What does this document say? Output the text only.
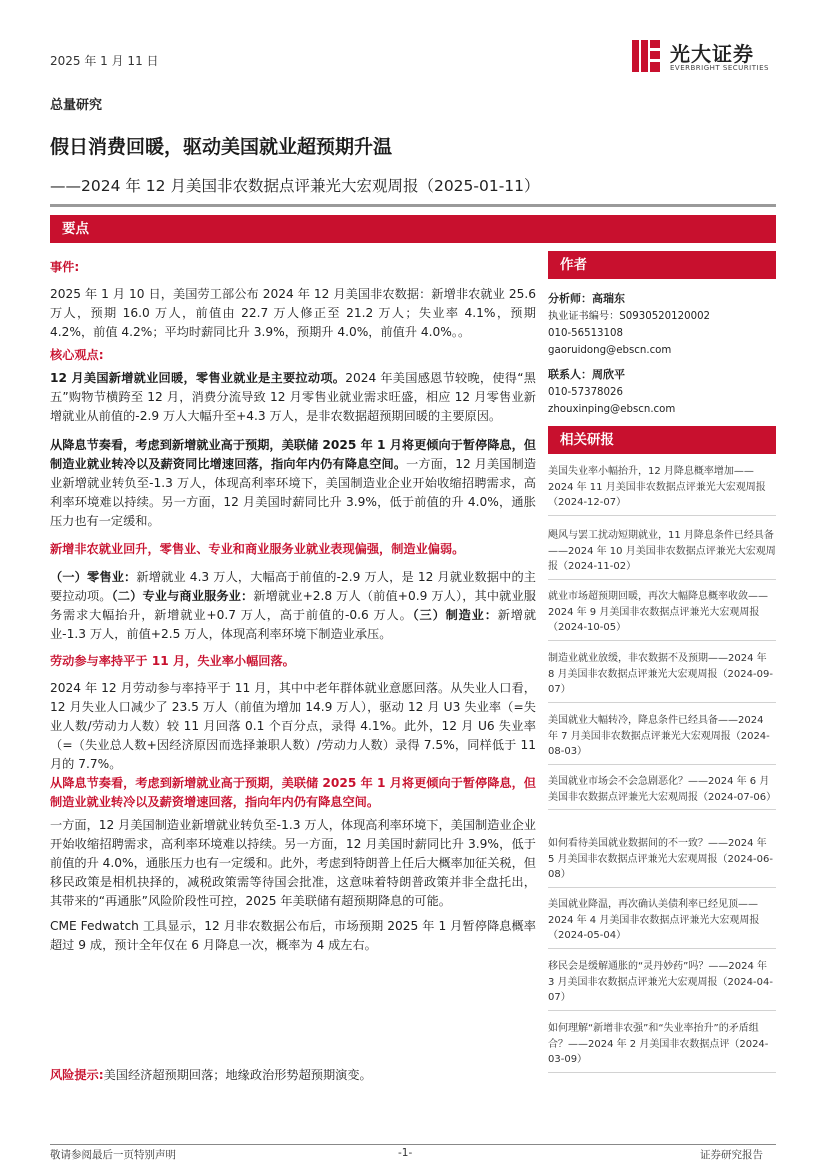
2025 年 1 月 11 日	光大证券
EVERBRIGHT SECURITIES
总量研究
假日消费回暖，驱动美国就业超预期升温
——2024 年 12 月美国非农数据点评兼光大宏观周报（2025-01-11）
要点
事件:
2025 年 1 月 10 日，美国劳工部公布 2024 年 12 月美国非农数据：新增非农就业 25.6 万人，预期 16.0 万人，前值由 22.7 万人修正至 21.2 万人；失业率 4.1%，预期 4.2%，前值 4.2%；平均时薪同比升 3.9%，预期升 4.0%，前值升 4.0%。。
核心观点:
12 月美国新增就业回暖，零售业就业是主要拉动项。2024 年美国感恩节较晚，使得“黑五”购物节横跨至 12 月，消费分流导致 12 月零售业就业需求旺盛，相应 12 月零售业新增就业从前值的-2.9 万人大幅升至+4.3 万人，是非农数据超预期回暖的主要原因。
从降息节奏看，考虑到新增就业高于预期，美联储 2025 年 1 月将更倾向于暂停降息，但制造业就业转冷以及薪资同比增速回落，指向年内仍有降息空间。一方面，12 月美国制造业新增就业转负至-1.3 万人，体现高利率环境下，美国制造业企业开始收缩招聘需求，高利率环境难以持续。另一方面，12 月美国时薪同比升 3.9%，低于前值的升 4.0%，通胀压力也有一定缓和。
新增非农就业回升，零售业、专业和商业服务业就业表现偏强，制造业偏弱。
（一）零售业：新增就业 4.3 万人，大幅高于前值的-2.9 万人，是 12 月就业数据中的主要拉动项。（二）专业与商业服务业：新增就业+2.8 万人（前值+0.9 万人），其中就业服务需求大幅抬升，新增就业+0.7 万人，高于前值的-0.6 万人。（三）制造业：新增就业-1.3 万人，前值+2.5 万人，体现高利率环境下制造业承压。
劳动参与率持平于 11 月，失业率小幅回落。
2024 年 12 月劳动参与率持平于 11 月，其中中老年群体就业意愿回落。从失业人口看，12 月失业人口减少了 23.5 万人（前值为增加 14.9 万人），驱动 12 月 U3 失业率（=失业人数/劳动力人数）较 11 月回落 0.1 个百分点，录得 4.1%。此外，12 月 U6 失业率（=（失业总人数+因经济原因而选择兼职人数）/劳动力人数）录得 7.5%，同样低于 11 月的 7.7%。
从降息节奏看，考虑到新增就业高于预期，美联储 2025 年 1 月将更倾向于暂停降息，但制造业就业转冷以及薪资增速回落，指向年内仍有降息空间。
一方面，12 月美国制造业新增就业转负至-1.3 万人，体现高利率环境下，美国制造业企业开始收缩招聘需求，高利率环境难以持续。另一方面，12 月美国时薪同比升 3.9%，低于前值的升 4.0%，通胀压力也有一定缓和。此外，考虑到特朗普上任后大概率加征关税，但移民政策是相机抉择的，减税政策需等待国会批准，这意味着特朗普政策并非全盘托出，其带来的“再通胀”风险阶段性可控，2025 年美联储有超预期降息的可能。
CME Fedwatch 工具显示，12 月非农数据公布后，市场预期 2025 年 1 月暂停降息概率超过 9 成，预计全年仅在 6 月降息一次，概率为 4 成左右。
风险提示:美国经济超预期回落；地缘政治形势超预期演变。
作者
分析师：高瑞东
执业证书编号：S0930520120002
010-56513108
gaoruidong@ebscn.com
联系人：周欣平
010-57378026
zhouxinping@ebscn.com
相关研报
美国失业率小幅抬升，12 月降息概率增加——2024 年 11 月美国非农数据点评兼光大宏观周报（2024-12-07）
飓风与罢工扰动短期就业，11 月降息条件已经具备——2024 年 10 月美国非农数据点评兼光大宏观周报（2024-11-02）
就业市场超预期回暖，再次大幅降息概率收敛——2024 年 9 月美国非农数据点评兼光大宏观周报（2024-10-05）
制造业就业放缓，非农数据不及预期——2024 年 8 月美国非农数据点评兼光大宏观周报（2024-09-07）
美国就业大幅转冷，降息条件已经具备——2024 年 7 月美国非农数据点评兼光大宏观周报（2024-08-03）
美国就业市场会不会急剧恶化？——2024 年 6 月美国非农数据点评兼光大宏观周报（2024-07-06）
如何看待美国就业数据间的不一致？——2024 年 5 月美国非农数据点评兼光大宏观周报（2024-06-08）
美国就业降温，再次确认美债利率已经见顶——2024 年 4 月美国非农数据点评兼光大宏观周报（2024-05-04）
移民会是缓解通胀的“灵丹妙药”吗？——2024 年 3 月美国非农数据点评兼光大宏观周报（2024-04-07）
如何理解“新增非农强”和“失业率抬升”的矛盾组合？——2024 年 2 月美国非农数据点评（2024-03-09）
敬请参阅最后一页特别声明	-1-	证券研究报告
